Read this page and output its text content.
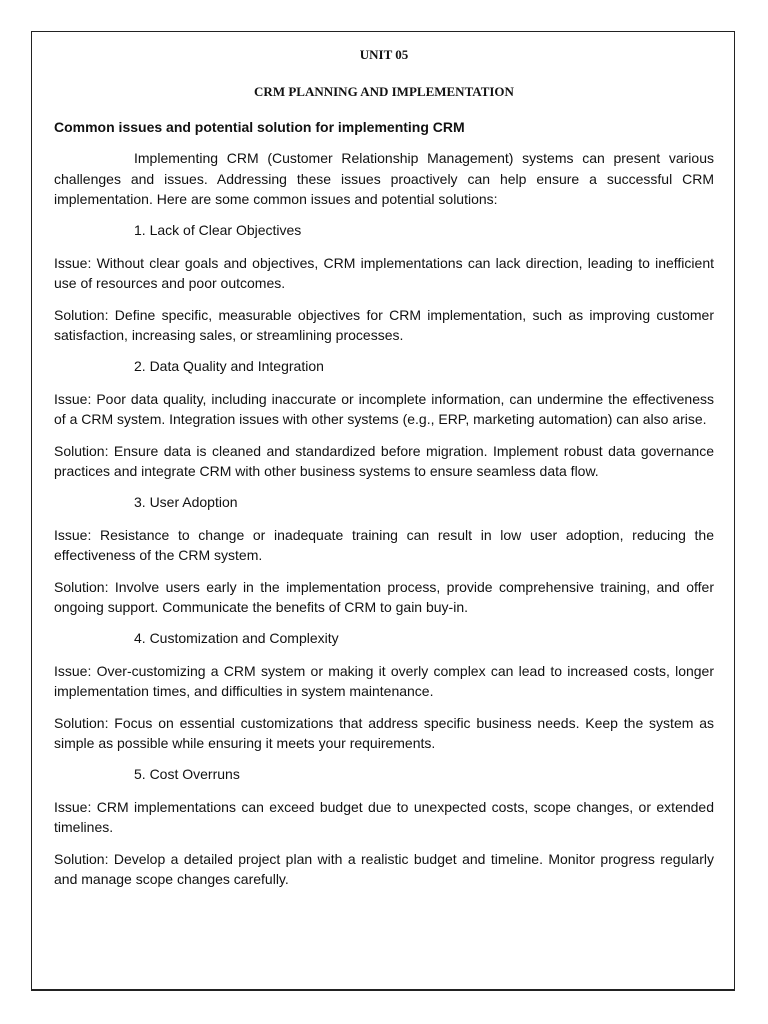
UNIT 05
CRM PLANNING AND IMPLEMENTATION
Common issues and potential solution for implementing CRM

Implementing CRM (Customer Relationship Management) systems can present various challenges and issues. Addressing these issues proactively can help ensure a successful CRM implementation. Here are some common issues and potential solutions:

1. Lack of Clear Objectives

Issue: Without clear goals and objectives, CRM implementations can lack direction, leading to inefficient use of resources and poor outcomes.

Solution: Define specific, measurable objectives for CRM implementation, such as improving customer satisfaction, increasing sales, or streamlining processes.

2. Data Quality and Integration

Issue: Poor data quality, including inaccurate or incomplete information, can undermine the effectiveness of a CRM system. Integration issues with other systems (e.g., ERP, marketing automation) can also arise.

Solution: Ensure data is cleaned and standardized before migration. Implement robust data governance practices and integrate CRM with other business systems to ensure seamless data flow.

3. User Adoption

Issue: Resistance to change or inadequate training can result in low user adoption, reducing the effectiveness of the CRM system.

Solution: Involve users early in the implementation process, provide comprehensive training, and offer ongoing support. Communicate the benefits of CRM to gain buy-in.

4. Customization and Complexity

Issue: Over-customizing a CRM system or making it overly complex can lead to increased costs, longer implementation times, and difficulties in system maintenance.

Solution: Focus on essential customizations that address specific business needs. Keep the system as simple as possible while ensuring it meets your requirements.

5. Cost Overruns

Issue: CRM implementations can exceed budget due to unexpected costs, scope changes, or extended timelines.

Solution: Develop a detailed project plan with a realistic budget and timeline. Monitor progress regularly and manage scope changes carefully.
